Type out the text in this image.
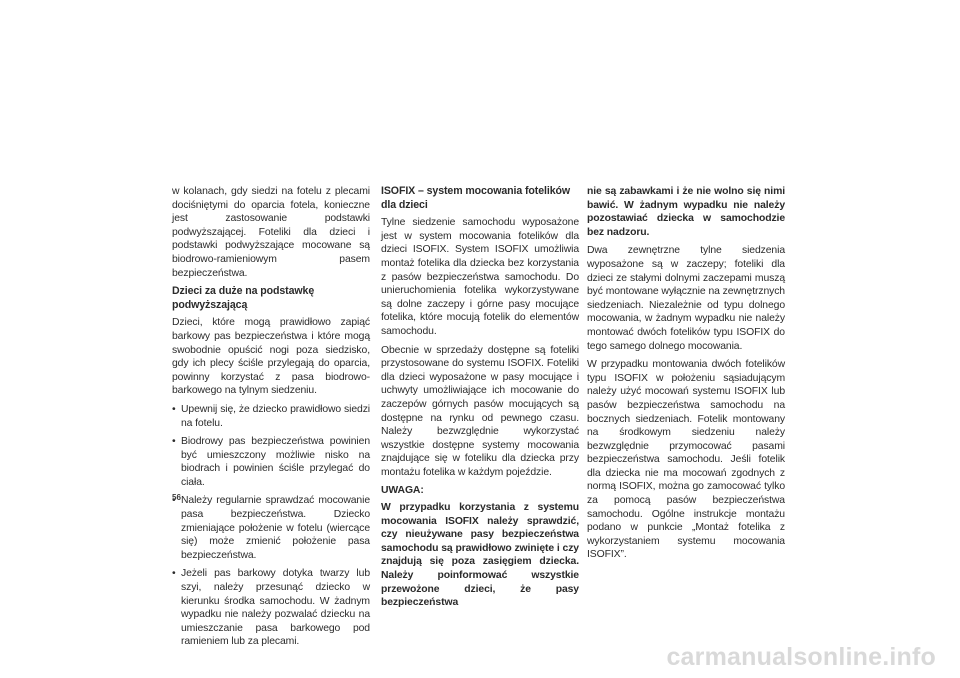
w kolanach, gdy siedzi na fotelu z plecami dociśniętymi do oparcia fotela, konieczne jest zastosowanie podstawki podwyższającej. Foteliki dla dzieci i podstawki podwyższające mocowane są biodrowo-ramieniowym pasem bezpieczeństwa.

Dzieci za duże na podstawkę podwyższającą

Dzieci, które mogą prawidłowo zapiąć barkowy pas bezpieczeństwa i które mogą swobodnie opuścić nogi poza siedzisko, gdy ich plecy ściśle przylegają do oparcia, powinny korzystać z pasa biodrowo-barkowego na tylnym siedzeniu.

• Upewnij się, że dziecko prawidłowo siedzi na fotelu.
• Biodrowy pas bezpieczeństwa powinien być umieszczony możliwie nisko na biodrach i powinien ściśle przylegać do ciała.
• Należy regularnie sprawdzać mocowanie pasa bezpieczeństwa. Dziecko zmieniające położenie w fotelu (wiercące się) może zmienić położenie pasa bezpieczeństwa.
• Jeżeli pas barkowy dotyka twarzy lub szyi, należy przesunąć dziecko w kierunku środka samochodu. W żadnym wypadku nie należy pozwalać dziecku na umieszczanie pasa barkowego pod ramieniem lub za plecami.
ISOFIX – system mocowania fotelików dla dzieci

Tylne siedzenie samochodu wyposażone jest w system mocowania fotelików dla dzieci ISOFIX. System ISOFIX umożliwia montaż fotelika dla dziecka bez korzystania z pasów bezpieczeństwa samochodu. Do unieruchomienia fotelika wykorzystywane są dolne zaczepy i górne pasy mocujące fotelika, które mocują fotelik do elementów samochodu.

Obecnie w sprzedaży dostępne są foteliki przystosowane do systemu ISOFIX. Foteliki dla dzieci wyposażone w pasy mocujące i uchwyty umożliwiające ich mocowanie do zaczepów górnych pasów mocujących są dostępne na rynku od pewnego czasu. Należy bezwzględnie wykorzystać wszystkie dostępne systemy mocowania znajdujące się w foteliku dla dziecka przy montażu fotelika w każdym pojeździe.

UWAGA:

W przypadku korzystania z systemu mocowania ISOFIX należy sprawdzić, czy nieużywane pasy bezpieczeństwa samochodu są prawidłowo zwinięte i czy znajdują się poza zasięgiem dziecka. Należy poinformować wszystkie przewożone dzieci, że pasy bezpieczeństwa

nie są zabawkami i że nie wolno się nimi bawić. W żadnym wypadku nie należy pozostawiać dziecka w samochodzie bez nadzoru.

Dwa zewnętrzne tylne siedzenia wyposażone są w zaczepy; foteliki dla dzieci ze stałymi dolnymi zaczepami muszą być montowane wyłącznie na zewnętrznych siedzeniach. Niezależnie od typu dolnego mocowania, w żadnym wypadku nie należy montować dwóch fotelików typu ISOFIX do tego samego dolnego mocowania.

W przypadku montowania dwóch fotelików typu ISOFIX w położeniu sąsiadującym należy użyć mocowań systemu ISOFIX lub pasów bezpieczeństwa samochodu na bocznych siedzeniach. Fotelik montowany na środkowym siedzeniu należy bezwzględnie przymocować pasami bezpieczeństwa samochodu. Jeśli fotelik dla dziecka nie ma mocowań zgodnych z normą ISOFIX, można go zamocować tylko za pomocą pasów bezpieczeństwa samochodu. Ogólne instrukcje montażu podano w punkcie „Montaż fotelika z wykorzystaniem systemu mocowania ISOFIX”.

56
carmanualsonline.info
